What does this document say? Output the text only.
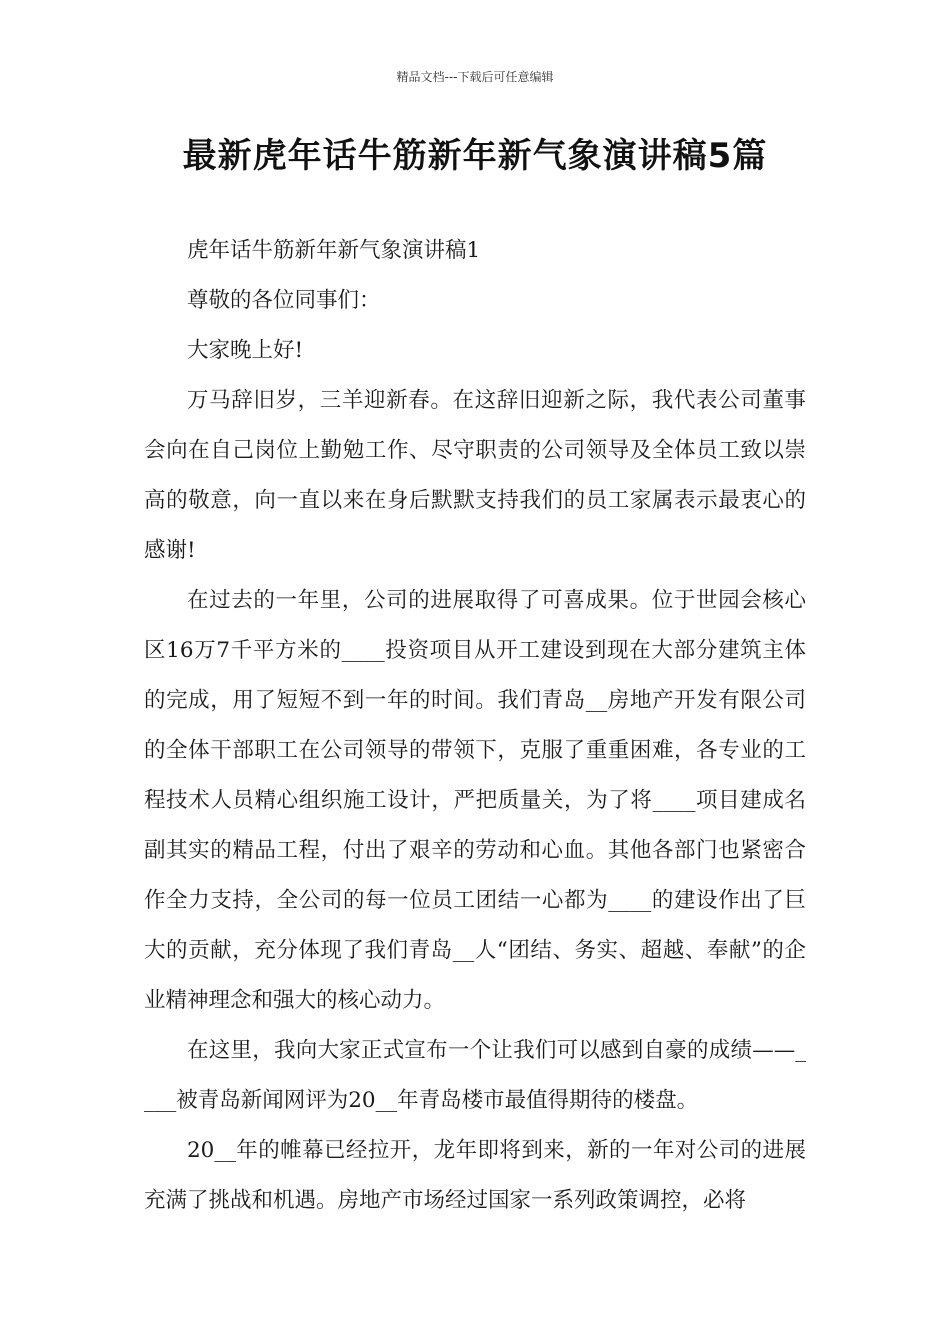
精品文档---下载后可任意编辑
最新虎年话牛筋新年新气象演讲稿5篇

虎年话牛筋新年新气象演讲稿1

尊敬的各位同事们：

大家晚上好!

万马辞旧岁，三羊迎新春。在这辞旧迎新之际，我代表公司董事会向在自己岗位上勤勉工作、尽守职责的公司领导及全体员工致以崇高的敬意，向一直以来在身后默默支持我们的员工家属表示最衷心的感谢!

在过去的一年里，公司的进展取得了可喜成果。位于世园会核心区16万7千平方米的____投资项目从开工建设到现在大部分建筑主体的完成，用了短短不到一年的时间。我们青岛__房地产开发有限公司的全体干部职工在公司领导的带领下，克服了重重困难，各专业的工程技术人员精心组织施工设计，严把质量关，为了将____项目建成名副其实的精品工程，付出了艰辛的劳动和心血。其他各部门也紧密合作全力支持，全公司的每一位员工团结一心都为____的建设作出了巨大的贡献，充分体现了我们青岛__人“团结、务实、超越、奉献”的企业精神理念和强大的核心动力。

在这里，我向大家正式宣布一个让我们可以感到自豪的成绩——____被青岛新闻网评为20__年青岛楼市最值得期待的楼盘。

20__年的帷幕已经拉开，龙年即将到来，新的一年对公司的进展充满了挑战和机遇。房地产市场经过国家一系列政策调控，必将
